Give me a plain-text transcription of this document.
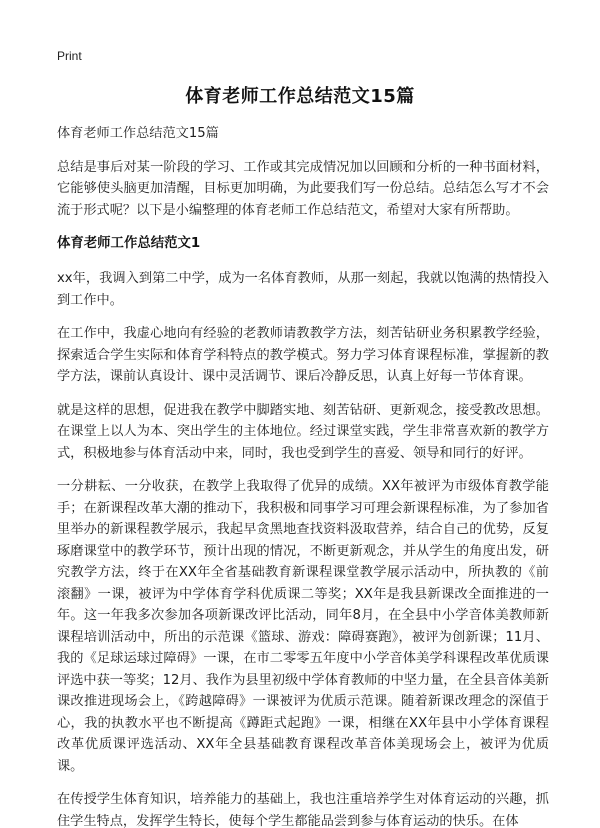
Print
体育老师工作总结范文15篇

体育老师工作总结范文15篇

总结是事后对某一阶段的学习、工作或其完成情况加以回顾和分析的一种书面材料，它能够使头脑更加清醒，目标更加明确，为此要我们写一份总结。总结怎么写才不会流于形式呢？以下是小编整理的体育老师工作总结范文，希望对大家有所帮助。

体育老师工作总结范文1

xx年，我调入到第二中学，成为一名体育教师，从那一刻起，我就以饱满的热情投入到工作中。

在工作中，我虚心地向有经验的老教师请教教学方法，刻苦钻研业务积累教学经验，探索适合学生实际和体育学科特点的教学模式。努力学习体育课程标准，掌握新的教学方法，课前认真设计、课中灵活调节、课后冷静反思，认真上好每一节体育课。

就是这样的思想，促进我在教学中脚踏实地、刻苦钻研、更新观念，接受教改思想。在课堂上以人为本、突出学生的主体地位。经过课堂实践，学生非常喜欢新的教学方式，积极地参与体育活动中来，同时，我也受到学生的喜爱、领导和同行的好评。

一分耕耘、一分收获，在教学上我取得了优异的成绩。XX年被评为市级体育教学能手；在新课程改革大潮的推动下，我积极和同事学习可理会新课程标准，为了参加省里举办的新课程教学展示，我起早贪黑地查找资料汲取营养，结合自己的优势，反复琢磨课堂中的教学环节，预计出现的情况，不断更新观念，并从学生的角度出发，研究教学方法，终于在XX年全省基础教育新课程课堂教学展示活动中，所执教的《前滚翻》一课，被评为中学体育学科优质课二等奖；XX年是我县新课改全面推进的一年。这一年我多次参加各项新课改评比活动，同年8月，在全县中小学音体美教师新课程培训活动中，所出的示范课《篮球、游戏：障碍赛跑》，被评为创新课；11月、我的《足球运球过障碍》一课，在市二零零五年度中小学音体美学科课程改革优质课评选中获一等奖；12月、我作为县里初级中学体育教师的中坚力量，在全县音体美新课改推进现场会上，《跨越障碍》一课被评为优质示范课。随着新课改理念的深值于心，我的执教水平也不断提高《蹲距式起跑》一课，相继在XX年县中小学体育课程改革优质课评选活动、XX年全县基础教育课程改革音体美现场会上，被评为优质课。

在传授学生体育知识，培养能力的基础上，我也注重培养学生对体育运动的兴趣，抓住学生特点，发挥学生特长，使每个学生都能品尝到参与体育运动的快乐。在体
